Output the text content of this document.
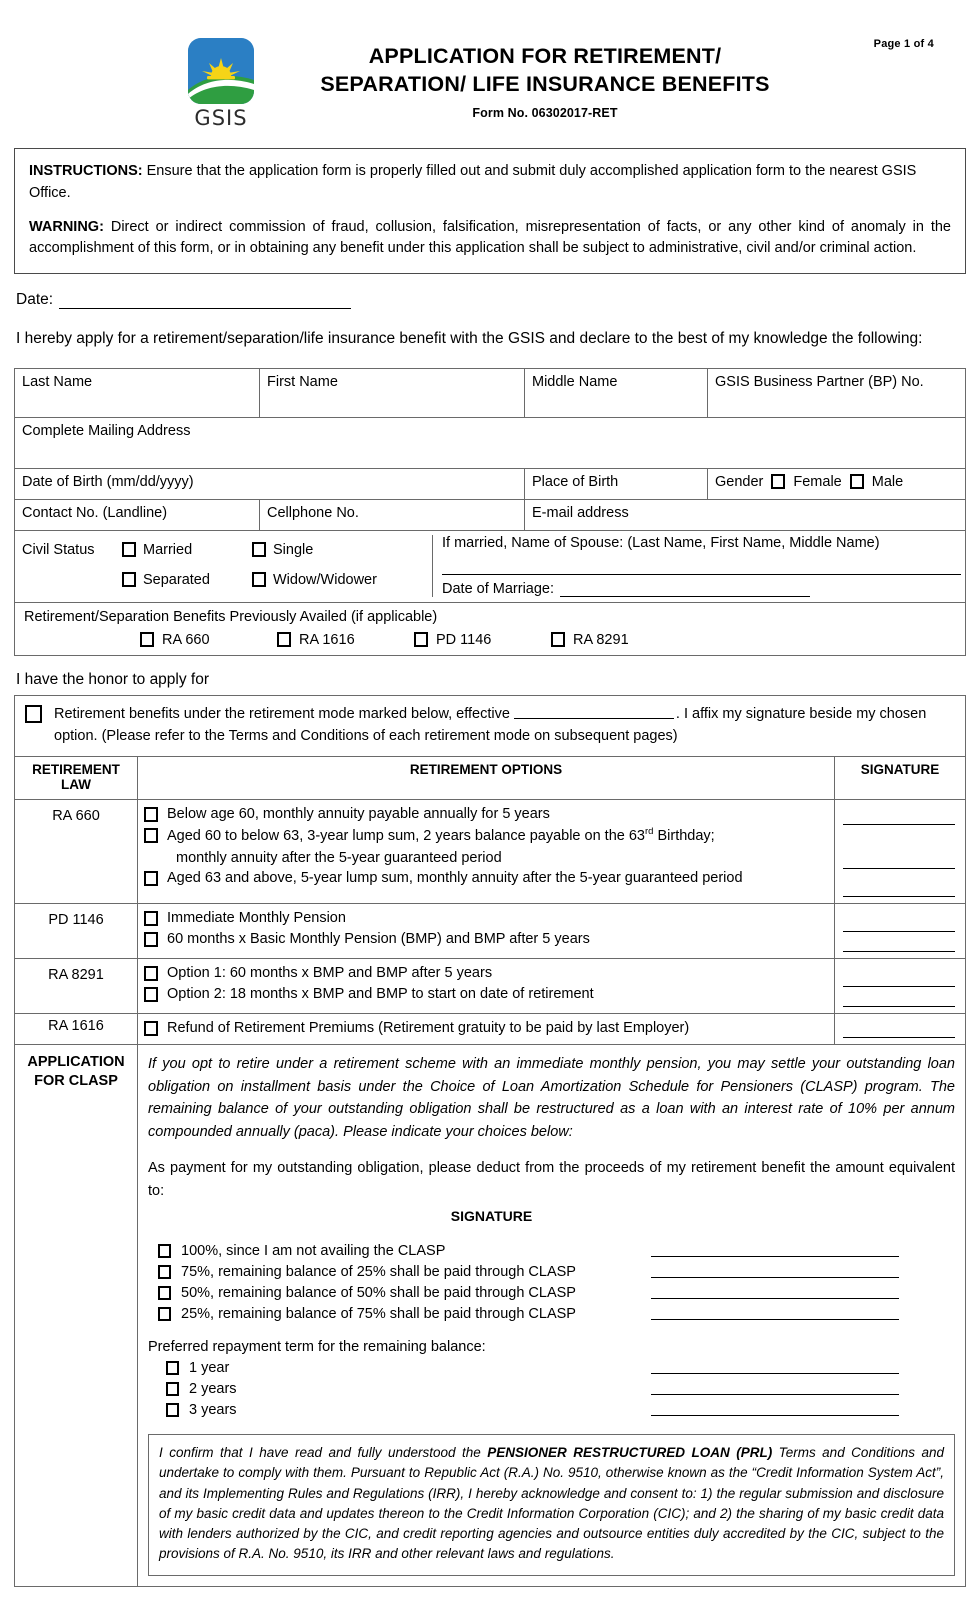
Page 1 of 4
GSIS
APPLICATION FOR RETIREMENT/
SEPARATION/ LIFE INSURANCE BENEFITS
Form No. 06302017-RET

INSTRUCTIONS: Ensure that the application form is properly filled out and submit duly accomplished application form to the nearest GSIS Office.

WARNING: Direct or indirect commission of fraud, collusion, falsification, misrepresentation of facts, or any other kind of anomaly in the accomplishment of this form, or in obtaining any benefit under this application shall be subject to administrative, civil and/or criminal action.

Date:
I hereby apply for a retirement/separation/life insurance benefit with the GSIS and declare to the best of my knowledge the following:
Last Name	First Name	Middle Name	GSIS Business Partner (BP) No.
Complete Mailing Address			
Date of Birth (mm/dd/yyyy)		Place of Birth	Gender Female Male

Contact No. (Landline)	Cellphone No.	E-mail address	

Civil Status	Married	Single
Separated	Widow/Widower
If married, Name of Spouse: (Last Name, First Name, Middle Name)
Date of Marriage:

Retirement/Separation Benefits Previously Availed (if applicable)
RA 660 RA 1616 PD 1146 RA 8291			
I have the honor to apply for
Retirement benefits under the retirement mode marked below, effective	. I affix my signature beside my chosen option. (Please refer to the Terms and Conditions of each retirement mode on subsequent pages)
RETIREMENT
LAW	RETIREMENT OPTIONS	SIGNATURE
RA 660	Below age 60, monthly annuity payable annually for 5 years
Aged 60 to below 63, 3-year lump sum, 2 years balance payable on the 63rd Birthday;
monthly annuity after the 5-year guaranteed period
Aged 63 and above, 5-year lump sum, monthly annuity after the 5-year guaranteed period	

PD 1146	Immediate Monthly Pension
60 months x Basic Monthly Pension (BMP) and BMP after 5 years	

RA 8291	Option 1: 60 months x BMP and BMP after 5 years
Option 2: 18 months x BMP and BMP to start on date of retirement	

RA 1616	Refund of Retirement Premiums (Retirement gratuity to be paid by last Employer)	

APPLICATION
FOR CLASP

If you opt to retire under a retirement scheme with an immediate monthly pension, you may settle your outstanding loan obligation on installment basis under the Choice of Loan Amortization Schedule for Pensioners (CLASP) program. The remaining balance of your outstanding obligation shall be restructured as a loan with an interest rate of 10% per annum compounded annually (paca). Please indicate your choices below:

As payment for my outstanding obligation, please deduct from the proceeds of my retirement benefit the amount equivalent to:

SIGNATURE
100%, since I am not availing the CLASP
75%, remaining balance of 25% shall be paid through CLASP
50%, remaining balance of 50% shall be paid through CLASP
25%, remaining balance of 75% shall be paid through CLASP
Preferred repayment term for the remaining balance:
1 year
2 years
3 years

I confirm that I have read and fully understood the PENSIONER RESTRUCTURED LOAN (PRL) Terms and Conditions and undertake to comply with them. Pursuant to Republic Act (R.A.) No. 9510, otherwise known as the “Credit Information System Act”, and its Implementing Rules and Regulations (IRR), I hereby acknowledge and consent to: 1) the regular submission and disclosure of my basic credit data and updates thereon to the Credit Information Corporation (CIC); and 2) the sharing of my basic credit data with lenders authorized by the CIC, and credit reporting agencies and outsource entities duly accredited by the CIC, subject to the provisions of R.A. No. 9510, its IRR and other relevant laws and regulations.
